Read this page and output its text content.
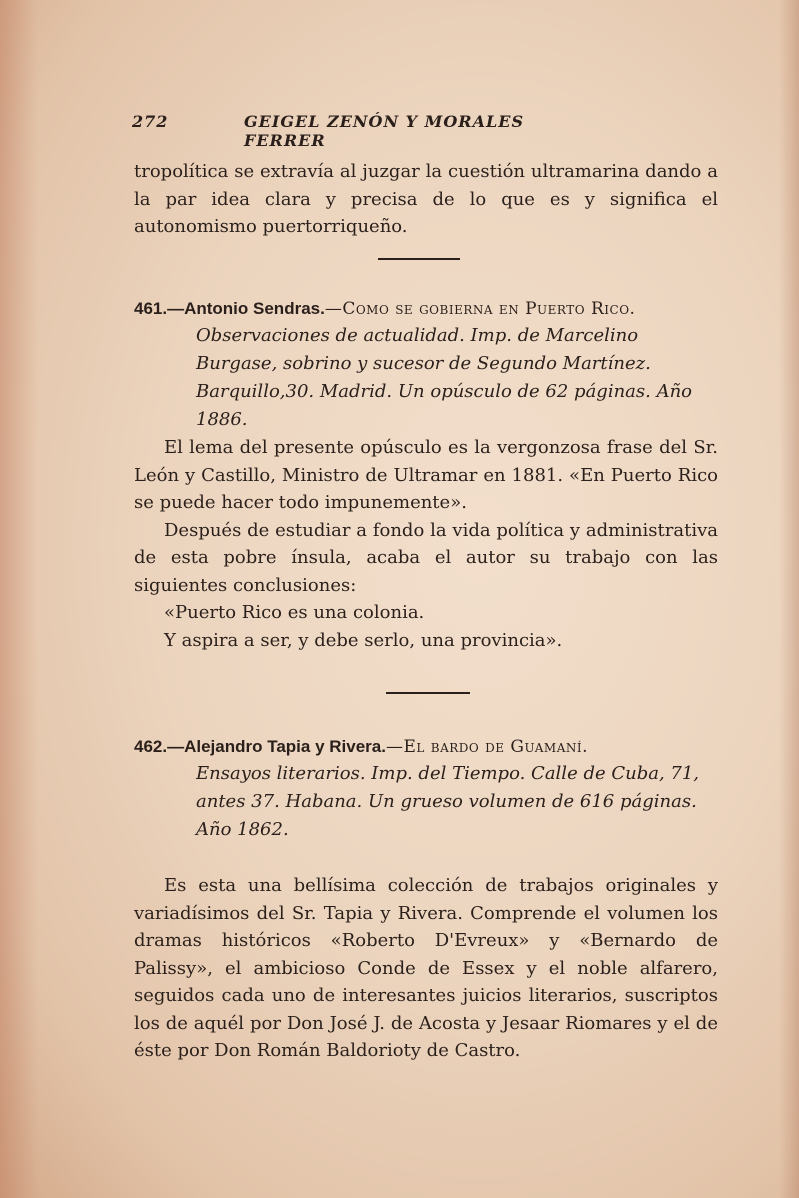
272	GEIGEL ZENÓN Y MORALES FERRER

tropolítica se extravía al juzgar la cuestión ultramarina dando a la par idea clara y precisa de lo que es y significa el autonomismo puertorriqueño.

461.—Antonio Sendras.—Como se gobierna en Puerto Rico.

Observaciones de actualidad. Imp. de Marcelino Burgase, sobrino y sucesor de Segundo Martínez. Barquillo,30. Madrid. Un opúsculo de 62 páginas. Año 1886.

El lema del presente opúsculo es la vergonzosa frase del Sr. León y Castillo, Ministro de Ultramar en 1881. «En Puerto Rico se puede hacer todo impunemente».

Después de estudiar a fondo la vida política y administrativa de esta pobre ínsula, acaba el autor su trabajo con las siguientes conclusiones:

«Puerto Rico es una colonia.

Y aspira a ser, y debe serlo, una provincia».

462.—Alejandro Tapia y Rivera.—El bardo de Guamaní.

Ensayos literarios. Imp. del Tiempo. Calle de Cuba, 71, antes 37. Habana. Un grueso volumen de 616 páginas. Año 1862.

Es esta una bellísima colección de trabajos originales y variadísimos del Sr. Tapia y Rivera. Comprende el volumen los dramas históricos «Roberto D'Evreux» y «Bernardo de Palissy», el ambicioso Conde de Essex y el noble alfarero, seguidos cada uno de interesantes juicios literarios, suscriptos los de aquél por Don José J. de Acosta y Jesaar Riomares y el de éste por Don Román Baldorioty de Castro.
